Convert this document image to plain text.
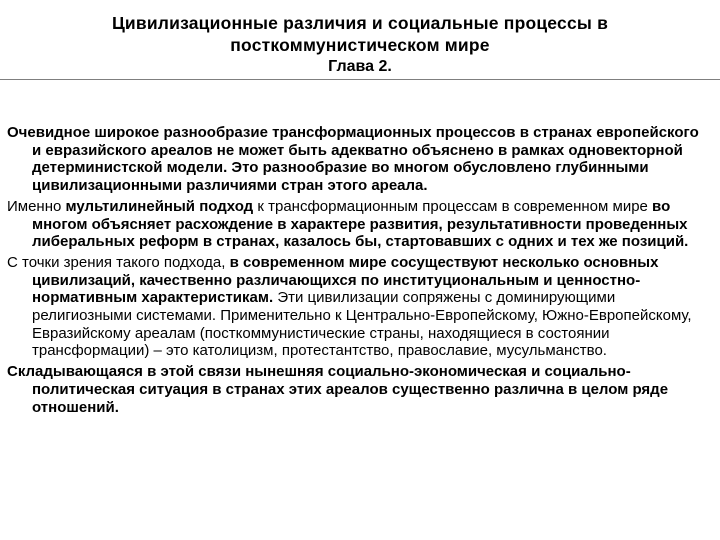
Цивилизационные различия и социальные процессы в
посткоммунистическом мире
Глава 2.

Очевидное широкое разнообразие трансформационных процессов в странах европейского и евразийского ареалов не может быть адекватно объяснено в рамках одновекторной детерминистской модели. Это разнообразие во многом обусловлено глубинными цивилизационными различиями стран этого ареала.

Именно мультилинейный подход к трансформационным процессам в современном мире во многом объясняет расхождение в характере развития, результативности проведенных либеральных реформ в странах, казалось бы, стартовавших с одних и тех же позиций.

С точки зрения такого подхода, в современном мире сосуществуют несколько основных цивилизаций, качественно различающихся по институциональным и ценностно-нормативным характеристикам. Эти цивилизации сопряжены с доминирующими религиозными системами. Применительно к Центрально-Европейскому, Южно-Европейскому, Евразийскому ареалам (посткоммунистические страны, находящиеся в состоянии трансформации) – это католицизм, протестантство, православие, мусульманство.

Складывающаяся в этой связи нынешняя социально-экономическая и социально-политическая ситуация в странах этих ареалов существенно различна в целом ряде отношений.
